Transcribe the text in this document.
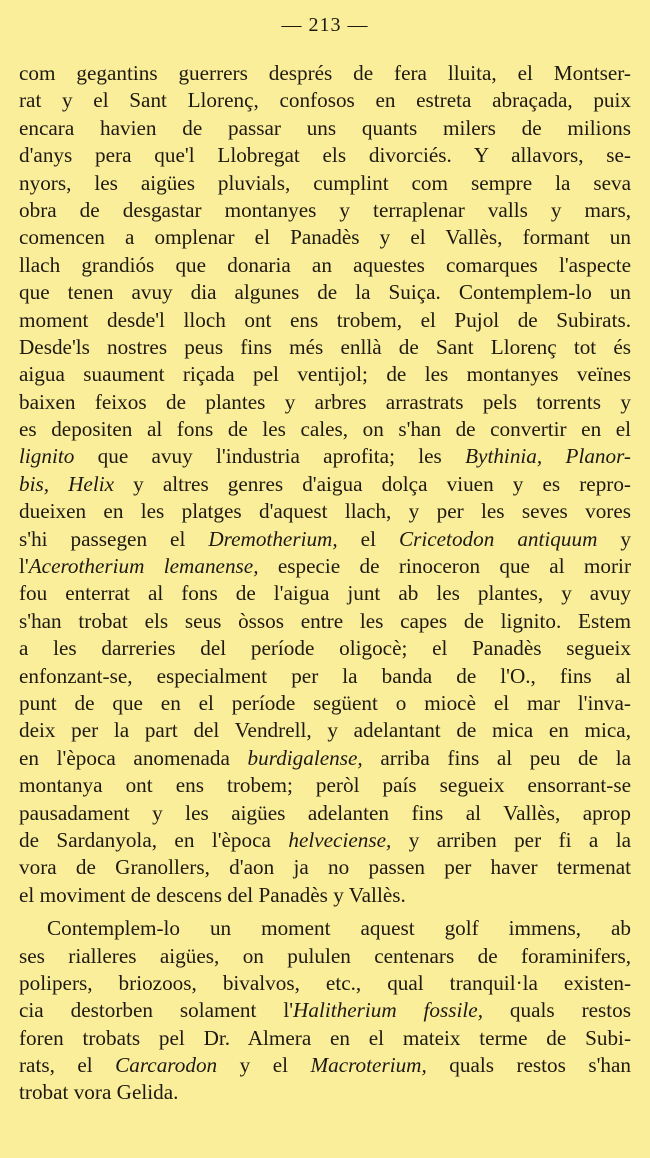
— 213 —
com gegantins guerrers després de fera lluita, el Montser-
rat y el Sant Llorenç, confosos en estreta abraçada, puix
encara havien de passar uns quants milers de milions
d'anys pera que'l Llobregat els divorciés. Y allavors, se-
nyors, les aigües pluvials, cumplint com sempre la seva
obra de desgastar montanyes y terraplenar valls y mars,
comencen a omplenar el Panadès y el Vallès, formant un
llach grandiós que donaria an aquestes comarques l'aspecte
que tenen avuy dia algunes de la Suiça. Contemplem-lo un
moment desde'l lloch ont ens trobem, el Pujol de Subirats.
Desde'ls nostres peus fins més enllà de Sant Llorenç tot és
aigua suaument riçada pel ventijol; de les montanyes veïnes
baixen feixos de plantes y arbres arrastrats pels torrents y
es depositen al fons de les cales, on s'han de convertir en el
lignito que avuy l'industria aprofita; les Bythinia, Planor-
bis, Helix y altres genres d'aigua dolça viuen y es repro-
dueixen en les platges d'aquest llach, y per les seves vores
s'hi passegen el Dremotherium, el Cricetodon antiquum y
l'Acerotherium lemanense, especie de rinoceron que al morir
fou enterrat al fons de l'aigua junt ab les plantes, y avuy
s'han trobat els seus òssos entre les capes de lignito. Estem
a les darreries del període oligocè; el Panadès segueix
enfonzant-se, especialment per la banda de l'O., fins al
punt de que en el període següent o miocè el mar l'inva-
deix per la part del Vendrell, y adelantant de mica en mica,
en l'època anomenada burdigalense, arriba fins al peu de la
montanya ont ens trobem; peròl país segueix ensorrant-se
pausadament y les aigües adelanten fins al Vallès, aprop
de Sardanyola, en l'època helveciense, y arriben per fi a la
vora de Granollers, d'aon ja no passen per haver termenat
el moviment de descens del Panadès y Vallès.
Contemplem-lo un moment aquest golf immens, ab
ses rialleres aigües, on pululen centenars de foraminifers,
polipers, briozoos, bivalvos, etc., qual tranquil·la existen-
cia destorben solament l'Halitherium fossile, quals restos
foren trobats pel Dr. Almera en el mateix terme de Subi-
rats, el Carcarodon y el Macroterium, quals restos s'han
trobat vora Gelida.
